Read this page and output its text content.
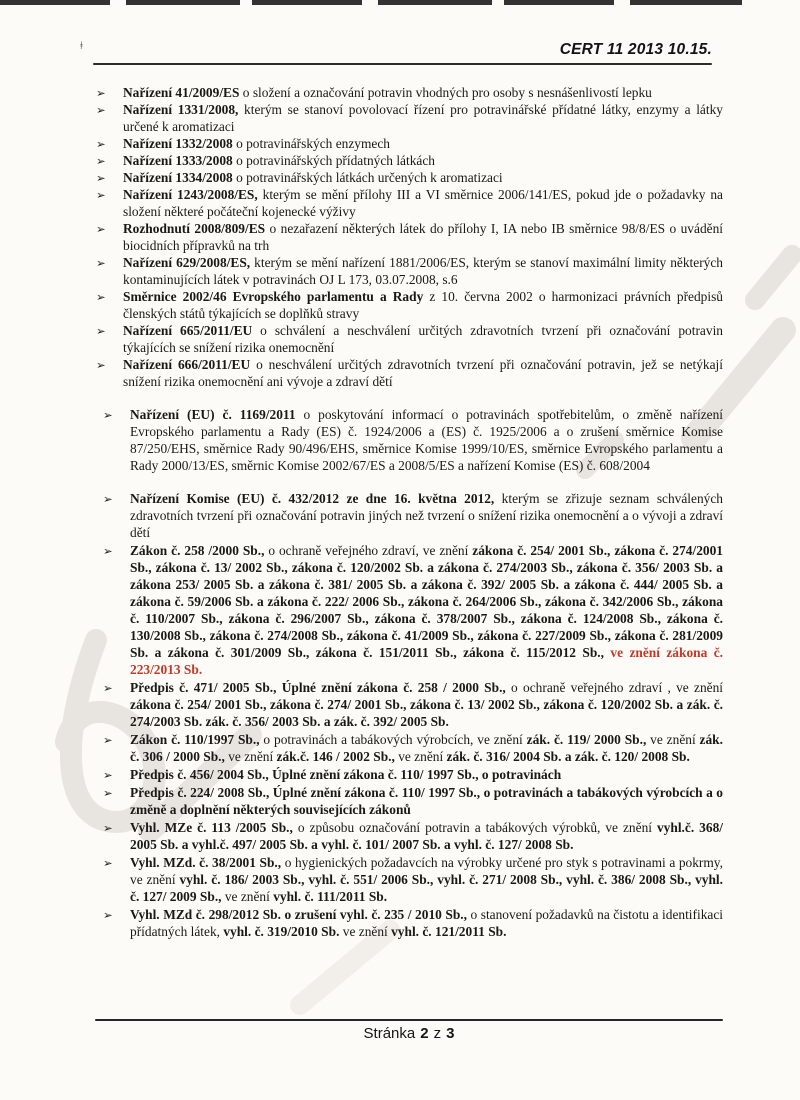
ǂ	CERT 11 2013 10.15.
➢	Nařízení 41/2009/ES o složení a označování potravin vhodných pro osoby s nesnášenlivostí lepku
➢	Nařízení 1331/2008, kterým se stanoví povolovací řízení pro potravinářské přídatné látky, enzymy a látky určené k aromatizaci
➢	Nařízení 1332/2008 o potravinářských enzymech
➢	Nařízení 1333/2008 o potravinářských přídatných látkách
➢	Nařízení 1334/2008 o potravinářských látkách určených k aromatizaci
➢	Nařízení 1243/2008/ES, kterým se mění přílohy III a VI směrnice 2006/141/ES, pokud jde o požadavky na složení některé počáteční kojenecké výživy
➢	Rozhodnutí 2008/809/ES o nezařazení některých látek do přílohy I, IA nebo IB směrnice 98/8/ES o uvádění biocidních přípravků na trh
➢	Nařízení 629/2008/ES, kterým se mění nařízení 1881/2006/ES, kterým se stanoví maximální limity některých kontaminujících látek v potravinách OJ L 173, 03.07.2008, s.6
➢	Směrnice 2002/46 Evropského parlamentu a Rady z 10. června 2002 o harmonizaci právních předpisů členských států týkajících se doplňků stravy
➢	Nařízení 665/2011/EU o schválení a neschválení určitých zdravotních tvrzení při označování potravin týkajících se snížení rizika onemocnění
➢	Nařízení 666/2011/EU o neschválení určitých zdravotních tvrzení při označování potravin, jež se netýkají snížení rizika onemocnění ani vývoje a zdraví dětí
➢	Nařízení (EU) č. 1169/2011 o poskytování informací o potravinách spotřebitelům, o změně nařízení Evropského parlamentu a Rady (ES) č. 1924/2006 a (ES) č. 1925/2006 a o zrušení směrnice Komise 87/250/EHS, směrnice Rady 90/496/EHS, směrnice Komise 1999/10/ES, směrnice Evropského parlamentu a Rady 2000/13/ES, směrnic Komise 2002/67/ES a 2008/5/ES a nařízení Komise (ES) č. 608/2004
➢	Nařízení Komise (EU) č. 432/2012 ze dne 16. května 2012, kterým se zřizuje seznam schválených zdravotních tvrzení při označování potravin jiných než tvrzení o snížení rizika onemocnění a o vývoji a zdraví dětí
➢	Zákon č. 258 /2000 Sb., o ochraně veřejného zdraví, ve znění zákona č. 254/ 2001 Sb., zákona č. 274/2001 Sb., zákona č. 13/ 2002 Sb., zákona č. 120/2002 Sb. a zákona č. 274/2003 Sb., zákona č. 356/ 2003 Sb. a zákona 253/ 2005 Sb. a zákona č. 381/ 2005 Sb. a zákona č. 392/ 2005 Sb. a zákona č. 444/ 2005 Sb. a zákona č. 59/2006 Sb. a zákona č. 222/ 2006 Sb., zákona č. 264/2006 Sb., zákona č. 342/2006 Sb., zákona č. 110/2007 Sb., zákona č. 296/2007 Sb., zákona č. 378/2007 Sb., zákona č. 124/2008 Sb., zákona č. 130/2008 Sb., zákona č. 274/2008 Sb., zákona č. 41/2009 Sb., zákona č. 227/2009 Sb., zákona č. 281/2009 Sb. a zákona č. 301/2009 Sb., zákona č. 151/2011 Sb., zákona č. 115/2012 Sb., ve znění zákona č. 223/2013 Sb.
➢	Předpis č. 471/ 2005 Sb., Úplné znění zákona č. 258 / 2000 Sb., o ochraně veřejného zdraví , ve znění zákona č. 254/ 2001 Sb., zákona č. 274/ 2001 Sb., zákona č. 13/ 2002 Sb., zákona č. 120/2002 Sb. a zák. č. 274/2003 Sb. zák. č. 356/ 2003 Sb. a zák. č. 392/ 2005 Sb.
➢	Zákon č. 110/1997 Sb., o potravinách a tabákových výrobcích, ve znění zák. č. 119/ 2000 Sb., ve znění zák. č. 306 / 2000 Sb., ve znění zák.č. 146 / 2002 Sb., ve znění zák. č. 316/ 2004 Sb. a zák. č. 120/ 2008 Sb.
➢	Předpis č. 456/ 2004 Sb., Úplné znění zákona č. 110/ 1997 Sb., o potravinách
➢	Předpis č. 224/ 2008 Sb., Úplné znění zákona č. 110/ 1997 Sb., o potravinách a tabákových výrobcích a o změně a doplnění některých souvisejících zákonů
➢	Vyhl. MZe č. 113 /2005 Sb., o způsobu označování potravin a tabákových výrobků, ve znění vyhl.č. 368/ 2005 Sb. a vyhl.č. 497/ 2005 Sb. a vyhl. č. 101/ 2007 Sb. a vyhl. č. 127/ 2008 Sb.
➢	Vyhl. MZd. č. 38/2001 Sb., o hygienických požadavcích na výrobky určené pro styk s potravinami a pokrmy, ve znění vyhl. č. 186/ 2003 Sb., vyhl. č. 551/ 2006 Sb., vyhl. č. 271/ 2008 Sb., vyhl. č. 386/ 2008 Sb., vyhl. č. 127/ 2009 Sb., ve znění vyhl. č. 111/2011 Sb.
➢	Vyhl. MZd č. 298/2012 Sb. o zrušení vyhl. č. 235 / 2010 Sb., o stanovení požadavků na čistotu a identifikaci přídatných látek, vyhl. č. 319/2010 Sb. ve znění vyhl. č. 121/2011 Sb.
Stránka 2 z 3
